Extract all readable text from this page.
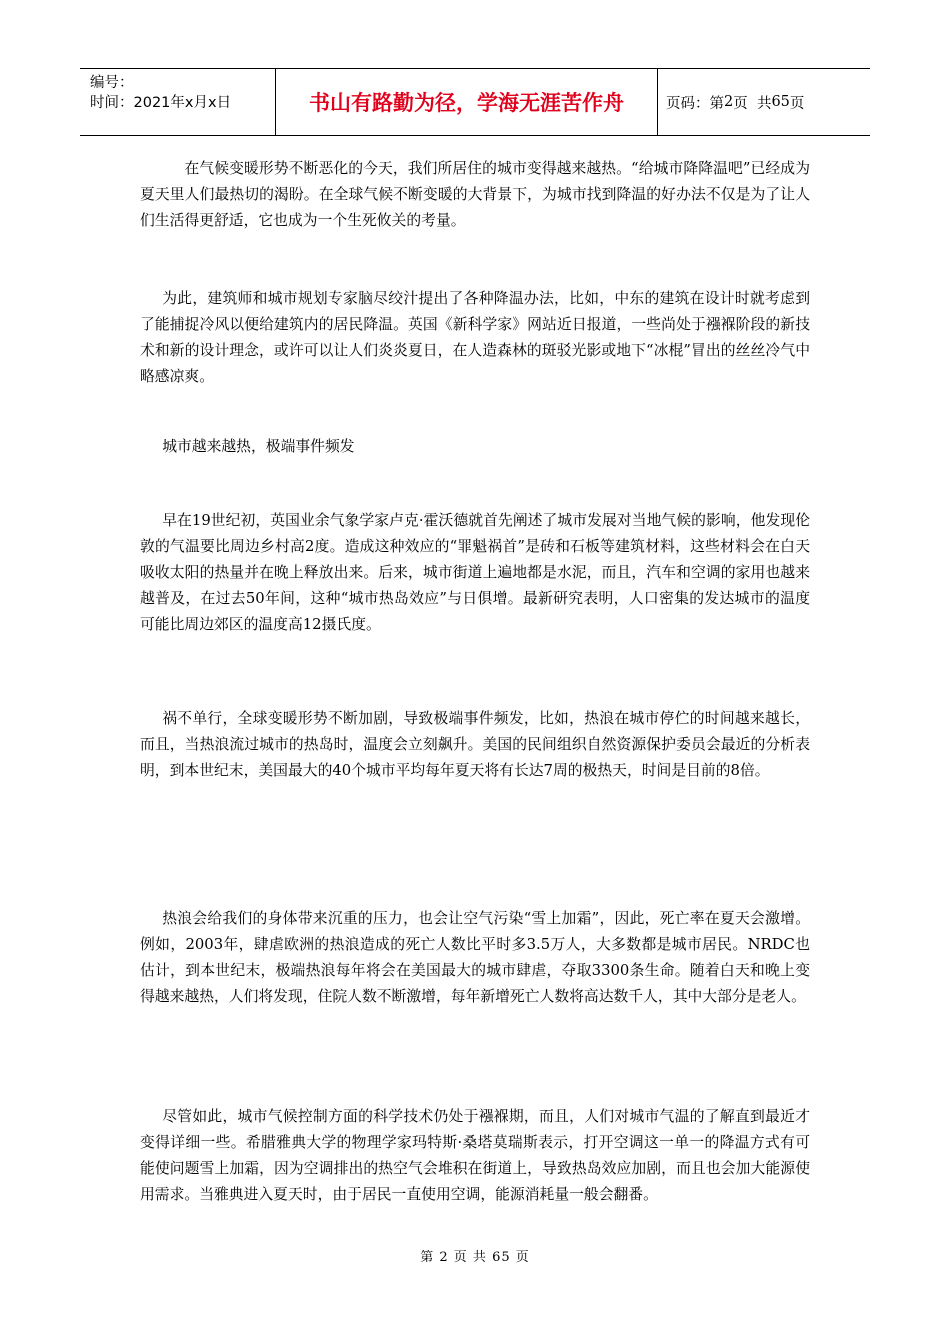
编号：
时间：2021年x月x日	书山有路勤为径，学海无涯苦作舟	页码：第 2 页  共 65 页

　在气候变暖形势不断恶化的今天，我们所居住的城市变得越来越热。“给城市降降温吧”已经成为夏天里人们最热切的渴盼。在全球气候不断变暖的大背景下，为城市找到降温的好办法不仅是为了让人们生活得更舒适，它也成为一个生死攸关的考量。

为此，建筑师和城市规划专家脑尽绞汁提出了各种降温办法，比如，中东的建筑在设计时就考虑到了能捕捉冷风以便给建筑内的居民降温。英国《新科学家》网站近日报道，一些尚处于襁褓阶段的新技术和新的设计理念，或许可以让人们炎炎夏日，在人造森林的斑驳光影或地下“冰棍”冒出的丝丝冷气中略感凉爽。

城市越来越热，极端事件频发

早在19世纪初，英国业余气象学家卢克·霍沃德就首先阐述了城市发展对当地气候的影响，他发现伦敦的气温要比周边乡村高2度。造成这种效应的“罪魁祸首”是砖和石板等建筑材料，这些材料会在白天吸收太阳的热量并在晚上释放出来。后来，城市街道上遍地都是水泥，而且，汽车和空调的家用也越来越普及，在过去50年间，这种“城市热岛效应”与日俱增。最新研究表明，人口密集的发达城市的温度可能比周边郊区的温度高12摄氏度。

祸不单行，全球变暖形势不断加剧，导致极端事件频发，比如，热浪在城市停伫的时间越来越长，而且，当热浪流过城市的热岛时，温度会立刻飙升。美国的民间组织自然资源保护委员会最近的分析表明，到本世纪末，美国最大的40个城市平均每年夏天将有长达7周的极热天，时间是目前的8倍。

热浪会给我们的身体带来沉重的压力，也会让空气污染“雪上加霜”，因此，死亡率在夏天会激增。例如，2003年，肆虐欧洲的热浪造成的死亡人数比平时多3.5万人，大多数都是城市居民。NRDC也估计，到本世纪末，极端热浪每年将会在美国最大的城市肆虐，夺取3300条生命。随着白天和晚上变得越来越热，人们将发现，住院人数不断激增，每年新增死亡人数将高达数千人，其中大部分是老人。

尽管如此，城市气候控制方面的科学技术仍处于襁褓期，而且，人们对城市气温的了解直到最近才变得详细一些。希腊雅典大学的物理学家玛特斯·桑塔莫瑞斯表示，打开空调这一单一的降温方式有可能使问题雪上加霜，因为空调排出的热空气会堆积在街道上，导致热岛效应加剧，而且也会加大能源使用需求。当雅典进入夏天时，由于居民一直使用空调，能源消耗量一般会翻番。

第 2 页 共 65 页
